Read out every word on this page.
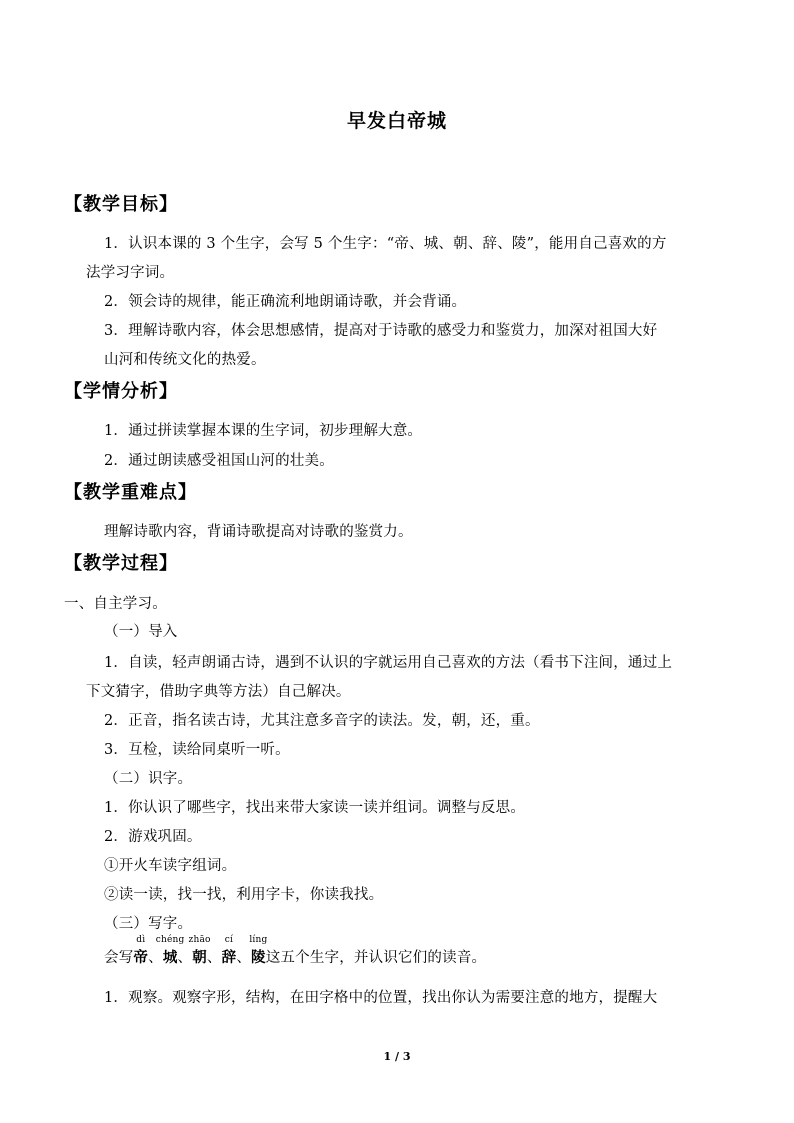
早发白帝城
【教学目标】
1．认识本课的 3 个生字，会写 5 个生字：“帝、城、朝、辞、陵”，能用自己喜欢的方
法学习字词。
2．领会诗的规律，能正确流利地朗诵诗歌，并会背诵。
3．理解诗歌内容，体会思想感情，提高对于诗歌的感受力和鉴赏力，加深对祖国大好
山河和传统文化的热爱。
【学情分析】
1．通过拼读掌握本课的生字词，初步理解大意。
2．通过朗读感受祖国山河的壮美。
【教学重难点】
理解诗歌内容，背诵诗歌提高对诗歌的鉴赏力。
【教学过程】
一、自主学习。
（一）导入
1．自读，轻声朗诵古诗，遇到不认识的字就运用自己喜欢的方法（看书下注间，通过上
下文猜字，借助字典等方法）自己解决。
2．正音，指名读古诗，尤其注意多音字的读法。发，朝，还，重。
3．互检，读给同桌听一听。
（二）识字。
1．你认识了哪些字，找出来带大家读一读并组词。调整与反思。
2．游戏巩固。
①开火车读字组词。
②读一读，找一找，利用字卡，你读我找。
（三）写字。
会写
dì
帝、
chéng
城、
zhāo
朝、
cí
辞、
líng
陵这五个生字，并认识它们的读音。
1．观察。观察字形，结构，在田字格中的位置，找出你认为需要注意的地方，提醒大
1 / 3
